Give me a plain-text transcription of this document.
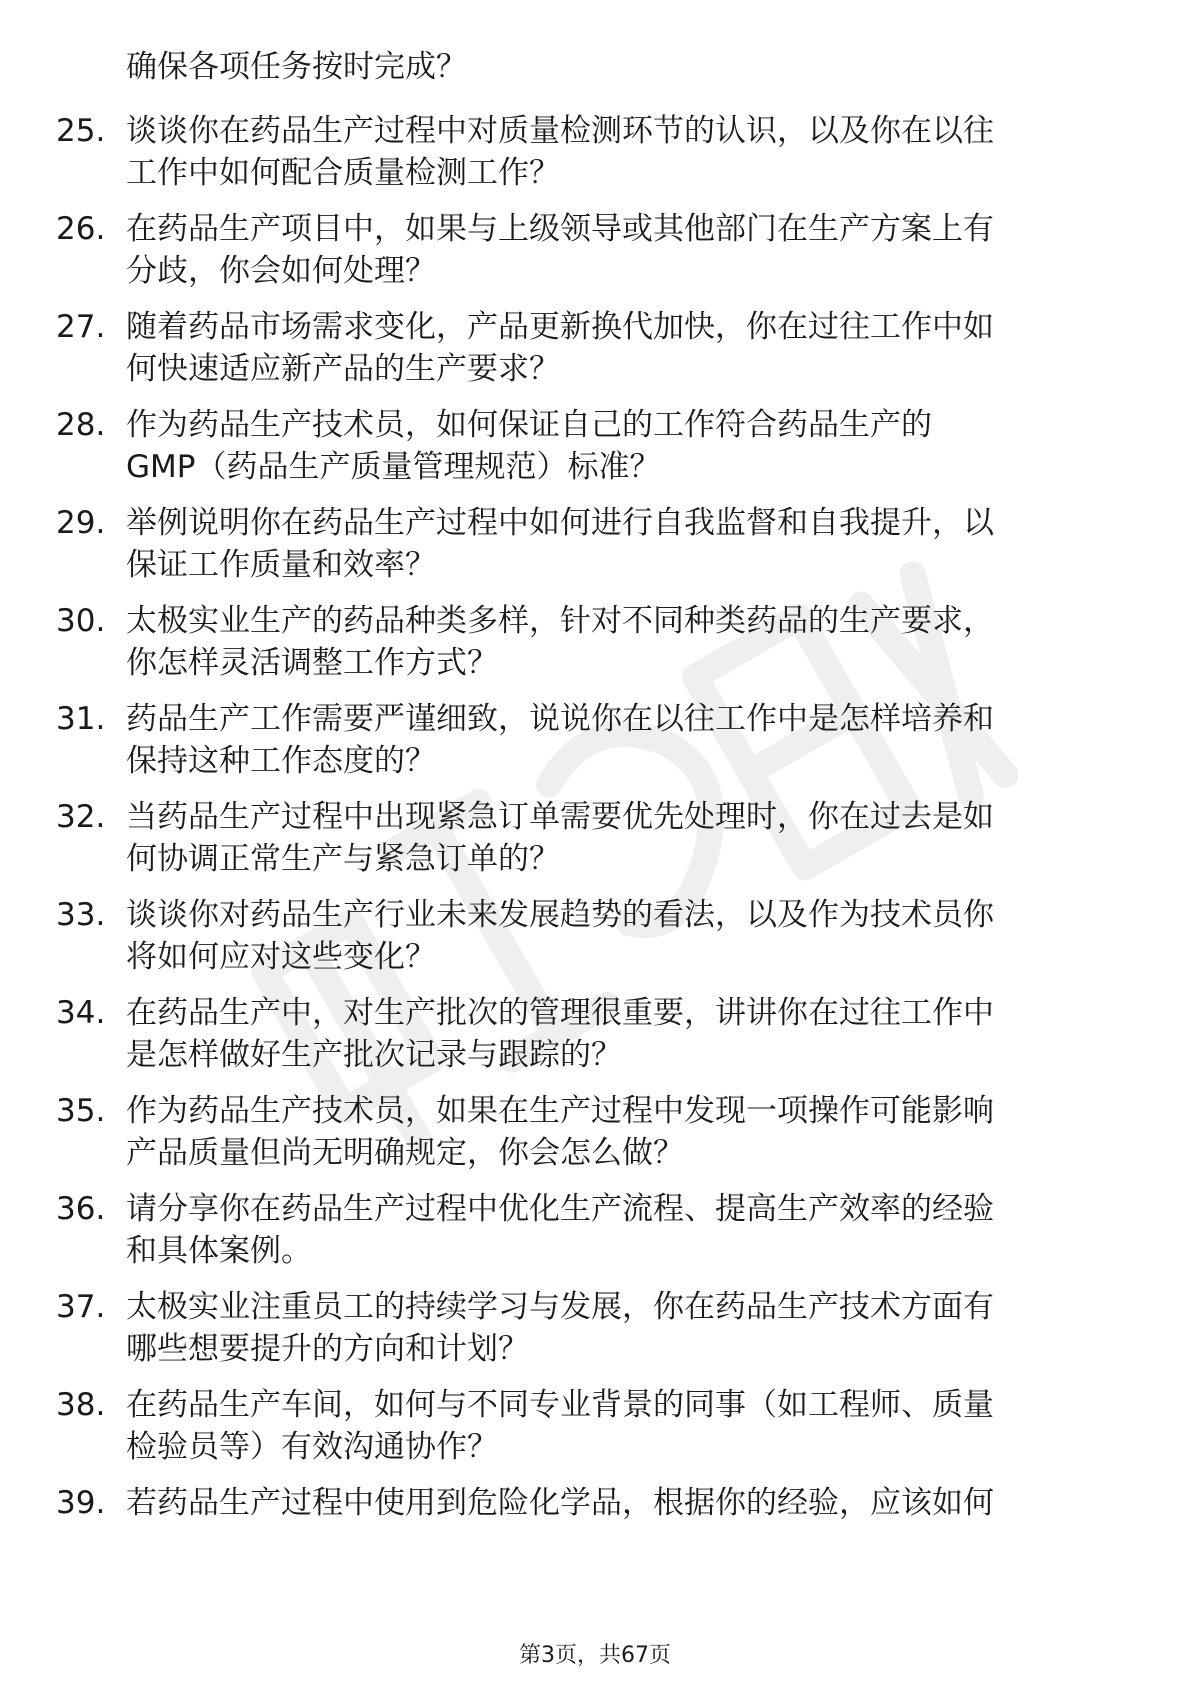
确保各项任务按时完成？
25. 谈谈你在药品生产过程中对质量检测环节的认识，以及你在以往
工作中如何配合质量检测工作？
26. 在药品生产项目中，如果与上级领导或其他部门在生产方案上有
分歧，你会如何处理？
27. 随着药品市场需求变化，产品更新换代加快，你在过往工作中如
何快速适应新产品的生产要求？
28. 作为药品生产技术员，如何保证自己的工作符合药品生产的
GMP（药品生产质量管理规范）标准？
29. 举例说明你在药品生产过程中如何进行自我监督和自我提升，以
保证工作质量和效率？
30. 太极实业生产的药品种类多样，针对不同种类药品的生产要求，
你怎样灵活调整工作方式？
31. 药品生产工作需要严谨细致，说说你在以往工作中是怎样培养和
保持这种工作态度的？
32. 当药品生产过程中出现紧急订单需要优先处理时，你在过去是如
何协调正常生产与紧急订单的？
33. 谈谈你对药品生产行业未来发展趋势的看法，以及作为技术员你
将如何应对这些变化？
34. 在药品生产中，对生产批次的管理很重要，讲讲你在过往工作中
是怎样做好生产批次记录与跟踪的？
35. 作为药品生产技术员，如果在生产过程中发现一项操作可能影响
产品质量但尚无明确规定，你会怎么做？
36. 请分享你在药品生产过程中优化生产流程、提高生产效率的经验
和具体案例。
37. 太极实业注重员工的持续学习与发展，你在药品生产技术方面有
哪些想要提升的方向和计划？
38. 在药品生产车间，如何与不同专业背景的同事（如工程师、质量
检验员等）有效沟通协作？
39. 若药品生产过程中使用到危险化学品，根据你的经验，应该如何
第3页，共67页
